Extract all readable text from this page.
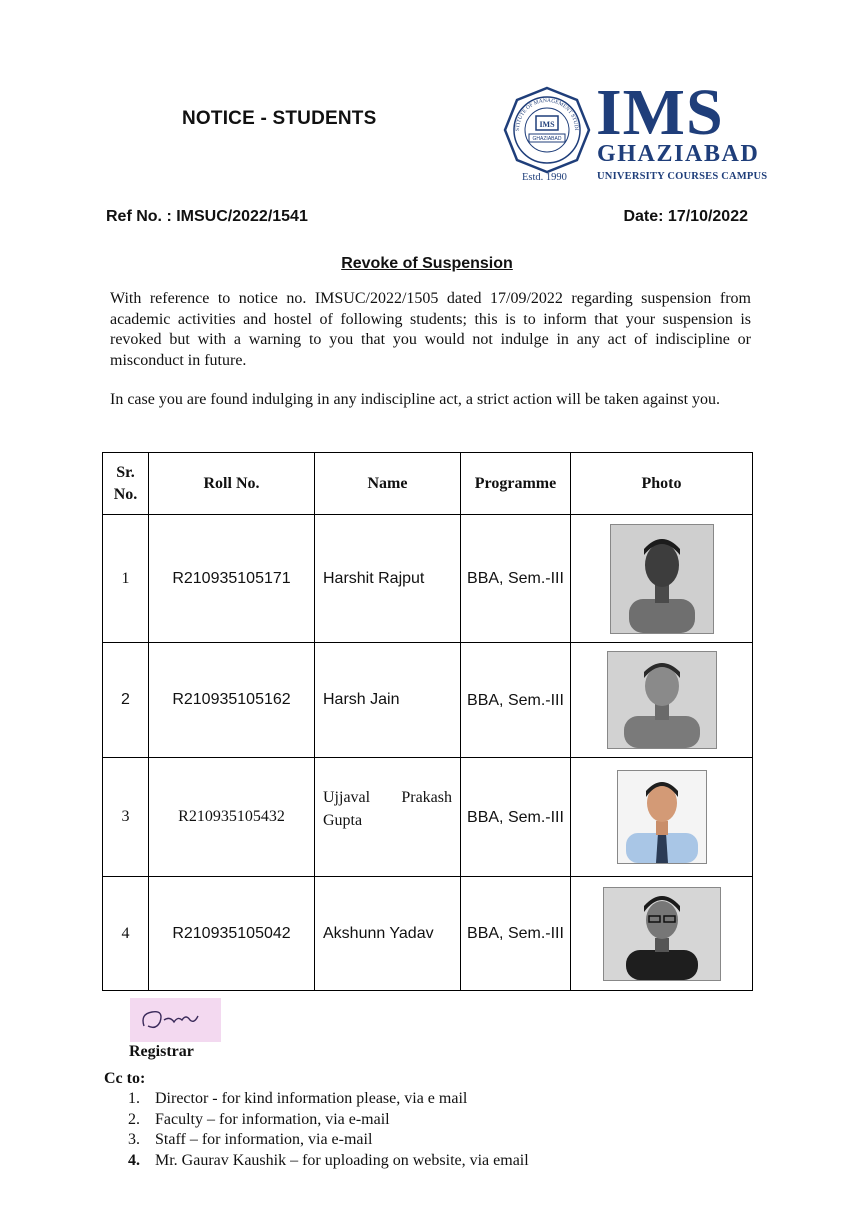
NOTICE - STUDENTS	IMS
GHAZIABAD
STITUTE OF MANAGEMENT STUDI
Estd. 1990
IMS
GHAZIABAD
UNIVERSITY COURSES CAMPUS
Ref No. : IMSUC/2022/1541	Date: 17/10/2022
Revoke of Suspension
With reference to notice no. IMSUC/2022/1505 dated 17/09/2022 regarding suspension from academic activities and hostel of following students; this is to inform that your suspension is revoked but with a warning to you that you would not indulge in any act of indiscipline or misconduct in future.
In case you are found indulging in any indiscipline act, a strict action will be taken against you.
Sr. No.	Roll No.	Name	Programme	Photo
1	R210935105171	Harshit Rajput	BBA, Sem.-III	
2	R210935105162	Harsh Jain	BBA, Sem.-III	
3	R210935105432	Ujjaval Prakash Gupta	BBA, Sem.-III	
4	R210935105042	Akshunn Yadav	BBA, Sem.-III	
Registrar
Cc to:
1. Director - for kind information please, via e mail
2. Faculty – for information, via e-mail
3. Staff – for information, via e-mail
4. Mr. Gaurav Kaushik – for uploading on website, via email
